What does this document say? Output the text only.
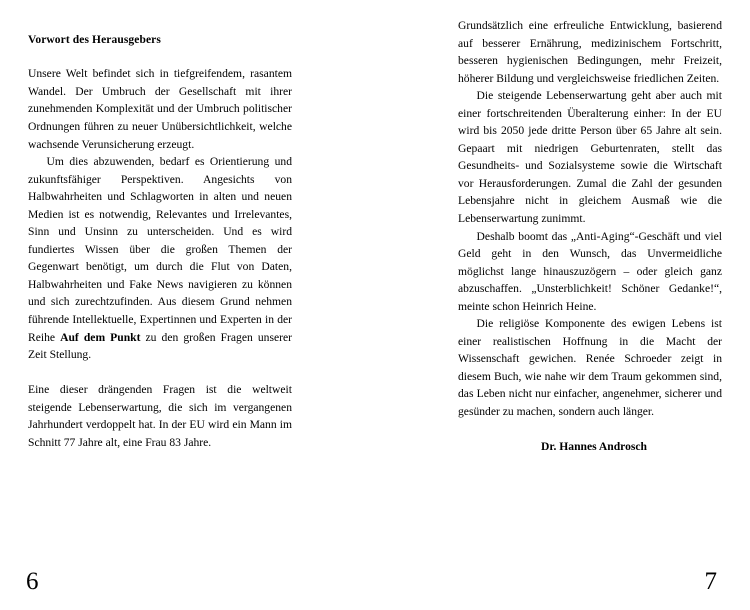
Vorwort des Herausgebers

Unsere Welt befindet sich in tiefgreifendem, rasantem Wandel. Der Umbruch der Gesellschaft mit ihrer zunehmenden Komplexität und der Umbruch politischer Ordnungen führen zu neuer Unübersichtlichkeit, welche wachsende Verunsicherung erzeugt.

Um dies abzuwenden, bedarf es Orientierung und zukunftsfähiger Perspektiven. Angesichts von Halbwahrheiten und Schlagworten in alten und neuen Medien ist es notwendig, Relevantes und Irrelevantes, Sinn und Unsinn zu unterscheiden. Und es wird fundiertes Wissen über die großen Themen der Gegenwart benötigt, um durch die Flut von Daten, Halbwahrheiten und Fake News navigieren zu können und sich zurechtzufinden. Aus diesem Grund nehmen führende Intellektuelle, Expertinnen und Experten in der Reihe Auf dem Punkt zu den großen Fragen unserer Zeit Stellung.

Eine dieser drängenden Fragen ist die weltweit steigende Lebenserwartung, die sich im vergangenen Jahrhundert verdoppelt hat. In der EU wird ein Mann im Schnitt 77 Jahre alt, eine Frau 83 Jahre.

Grundsätzlich eine erfreuliche Entwicklung, basierend auf besserer Ernährung, medizinischem Fortschritt, besseren hygienischen Bedingungen, mehr Freizeit, höherer Bildung und vergleichsweise friedlichen Zeiten.

Die steigende Lebenserwartung geht aber auch mit einer fortschreitenden Überalterung einher: In der EU wird bis 2050 jede dritte Person über 65 Jahre alt sein. Gepaart mit niedrigen Geburtenraten, stellt das Gesundheits- und Sozialsysteme sowie die Wirtschaft vor Herausforderungen. Zumal die Zahl der gesunden Lebensjahre nicht in gleichem Ausmaß wie die Lebenserwartung zunimmt.

Deshalb boomt das „Anti-Aging“-Geschäft und viel Geld geht in den Wunsch, das Unvermeidliche möglichst lange hinauszuzögern – oder gleich ganz abzuschaffen. „Unsterblichkeit! Schöner Gedanke!“, meinte schon Heinrich Heine.

Die religiöse Komponente des ewigen Lebens ist einer realistischen Hoffnung in die Macht der Wissenschaft gewichen. Renée Schroeder zeigt in diesem Buch, wie nahe wir dem Traum gekommen sind, das Leben nicht nur einfacher, angenehmer, sicherer und gesünder zu machen, sondern auch länger.

Dr. Hannes Androsch

6	7
